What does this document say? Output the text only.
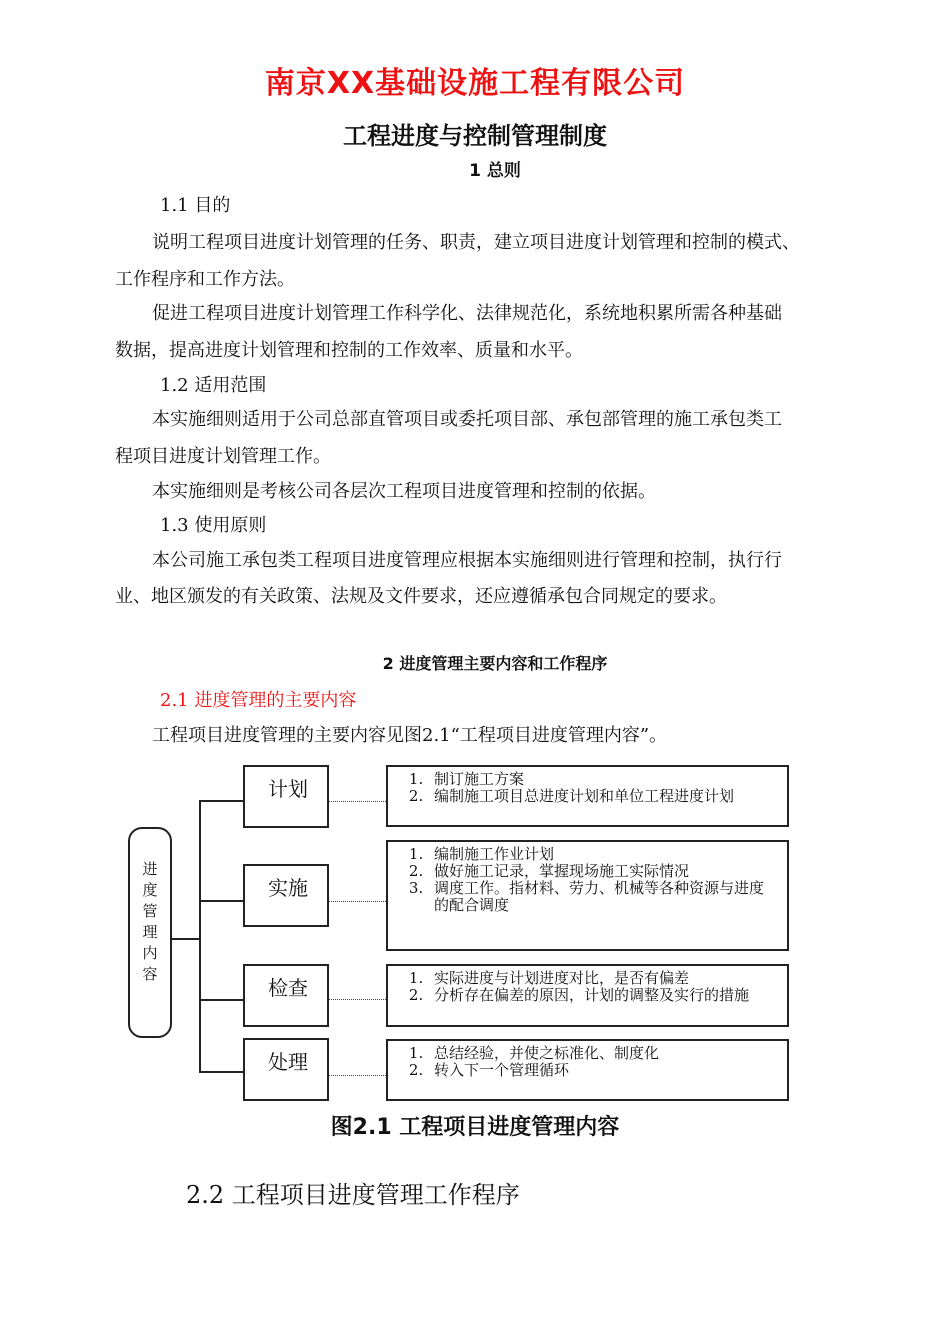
南京XX基础设施工程有限公司
工程进度与控制管理制度
1 总则
1.1 目的
说明工程项目进度计划管理的任务、职责，建立项目进度计划管理和控制的模式、
工作程序和工作方法。
促进工程项目进度计划管理工作科学化、法律规范化，系统地积累所需各种基础
数据，提高进度计划管理和控制的工作效率、质量和水平。
1.2 适用范围
本实施细则适用于公司总部直管项目或委托项目部、承包部管理的施工承包类工
程项目进度计划管理工作。
本实施细则是考核公司各层次工程项目进度管理和控制的依据。
1.3 使用原则
本公司施工承包类工程项目进度管理应根据本实施细则进行管理和控制，执行行
业、地区颁发的有关政策、法规及文件要求，还应遵循承包合同规定的要求。
2 进度管理主要内容和工作程序
2.1 进度管理的主要内容
工程项目进度管理的主要内容见图2.1“工程项目进度管理内容”。
进
度
管
理
内
容
计划
实施
检查
处理
1. 制订施工方案
2. 编制施工项目总进度计划和单位工程进度计划
1. 编制施工作业计划
2. 做好施工记录，掌握现场施工实际情况
3. 调度工作。指材料、劳力、机械等各种资源与进度的配合调度
1. 实际进度与计划进度对比，是否有偏差
2. 分析存在偏差的原因，计划的调整及实行的措施
1. 总结经验，并使之标准化、制度化
2. 转入下一个管理循环
图2.1 工程项目进度管理内容
2.2 工程项目进度管理工作程序
